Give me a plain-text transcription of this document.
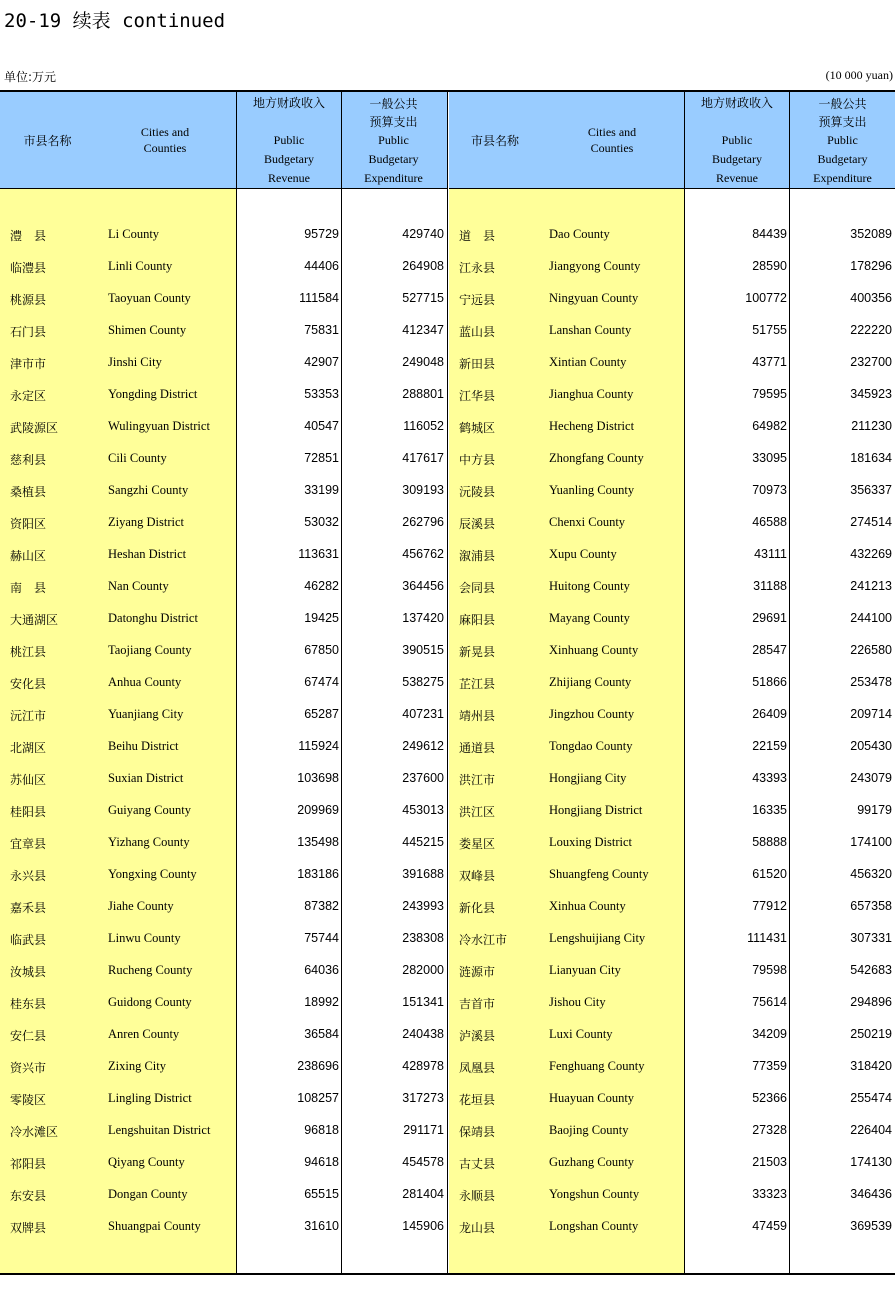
20-19 续表 continued
单位:万元	(10 000 yuan)
市县名称
Cities and
Counties
地方财政收入
Public
Budgetary
Revenue
一般公共
预算支出
Public
Budgetary
Expenditure
澧　县	Li County	95729	429740
临澧县	Linli County	44406	264908
桃源县	Taoyuan County	111584	527715
石门县	Shimen County	75831	412347
津市市	Jinshi City	42907	249048
永定区	Yongding District	53353	288801
武陵源区	Wulingyuan District	40547	116052
慈利县	Cili County	72851	417617
桑植县	Sangzhi County	33199	309193
资阳区	Ziyang District	53032	262796
赫山区	Heshan District	113631	456762
南　县	Nan County	46282	364456
大通湖区	Datonghu District	19425	137420
桃江县	Taojiang County	67850	390515
安化县	Anhua County	67474	538275
沅江市	Yuanjiang City	65287	407231
北湖区	Beihu District	115924	249612
苏仙区	Suxian District	103698	237600
桂阳县	Guiyang County	209969	453013
宜章县	Yizhang County	135498	445215
永兴县	Yongxing County	183186	391688
嘉禾县	Jiahe County	87382	243993
临武县	Linwu County	75744	238308
汝城县	Rucheng County	64036	282000
桂东县	Guidong County	18992	151341
安仁县	Anren County	36584	240438
资兴市	Zixing City	238696	428978
零陵区	Lingling District	108257	317273
冷水滩区	Lengshuitan District	96818	291171
祁阳县	Qiyang County	94618	454578
东安县	Dongan County	65515	281404
双牌县	Shuangpai County	31610	145906
市县名称
Cities and
Counties
地方财政收入
Public
Budgetary
Revenue
一般公共
预算支出
Public
Budgetary
Expenditure
道　县	Dao County	84439	352089
江永县	Jiangyong County	28590	178296
宁远县	Ningyuan County	100772	400356
蓝山县	Lanshan County	51755	222220
新田县	Xintian County	43771	232700
江华县	Jianghua County	79595	345923
鹤城区	Hecheng District	64982	211230
中方县	Zhongfang County	33095	181634
沅陵县	Yuanling County	70973	356337
辰溪县	Chenxi County	46588	274514
溆浦县	Xupu County	43111	432269
会同县	Huitong County	31188	241213
麻阳县	Mayang County	29691	244100
新晃县	Xinhuang County	28547	226580
芷江县	Zhijiang County	51866	253478
靖州县	Jingzhou County	26409	209714
通道县	Tongdao County	22159	205430
洪江市	Hongjiang City	43393	243079
洪江区	Hongjiang District	16335	99179
娄星区	Louxing District	58888	174100
双峰县	Shuangfeng County	61520	456320
新化县	Xinhua County	77912	657358
冷水江市	Lengshuijiang City	111431	307331
涟源市	Lianyuan City	79598	542683
吉首市	Jishou City	75614	294896
泸溪县	Luxi County	34209	250219
凤凰县	Fenghuang County	77359	318420
花垣县	Huayuan County	52366	255474
保靖县	Baojing County	27328	226404
古丈县	Guzhang County	21503	174130
永顺县	Yongshun County	33323	346436
龙山县	Longshan County	47459	369539
